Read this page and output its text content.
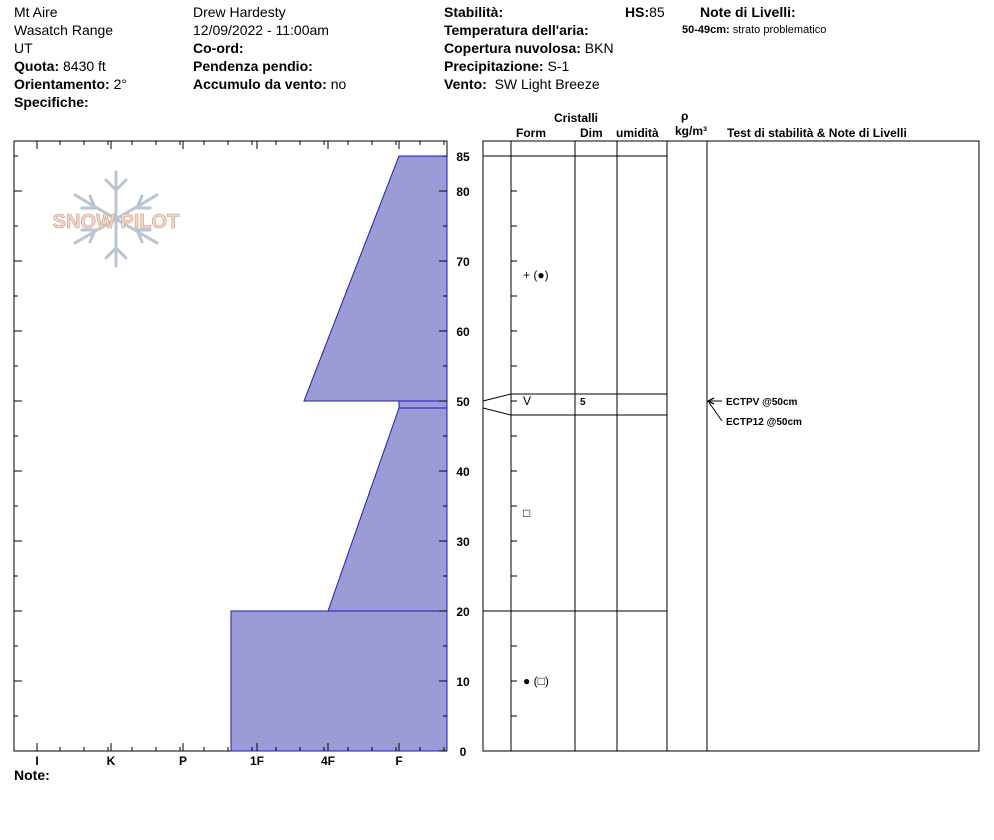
Mt Aire
Wasatch Range
UT
Quota: 8430 ft
Orientamento: 2°
Specifiche:
Drew Hardesty
12/09/2022 - 11:00am
Co-ord:
Pendenza pendio:
Accumulo da vento: no
Stabilità:
Temperatura dell'aria:
Copertura nuvolosa: BKN
Precipitazione: S-1
Vento: SW Light Breeze
HS:85	Note di Livelli:
50-49cm: strato problematico
Cristalli
Form	Dim umidità
ρ
kg/m³ Test di stabilità & Note di Livelli
Note:
SNOW PILOT
I	K	P	1F	4F	F
0
10
20
30
40
50
60
70
80
85
+ (●)
V	5
□
● (□)
ECTPV @50cm
ECTP12 @50cm
